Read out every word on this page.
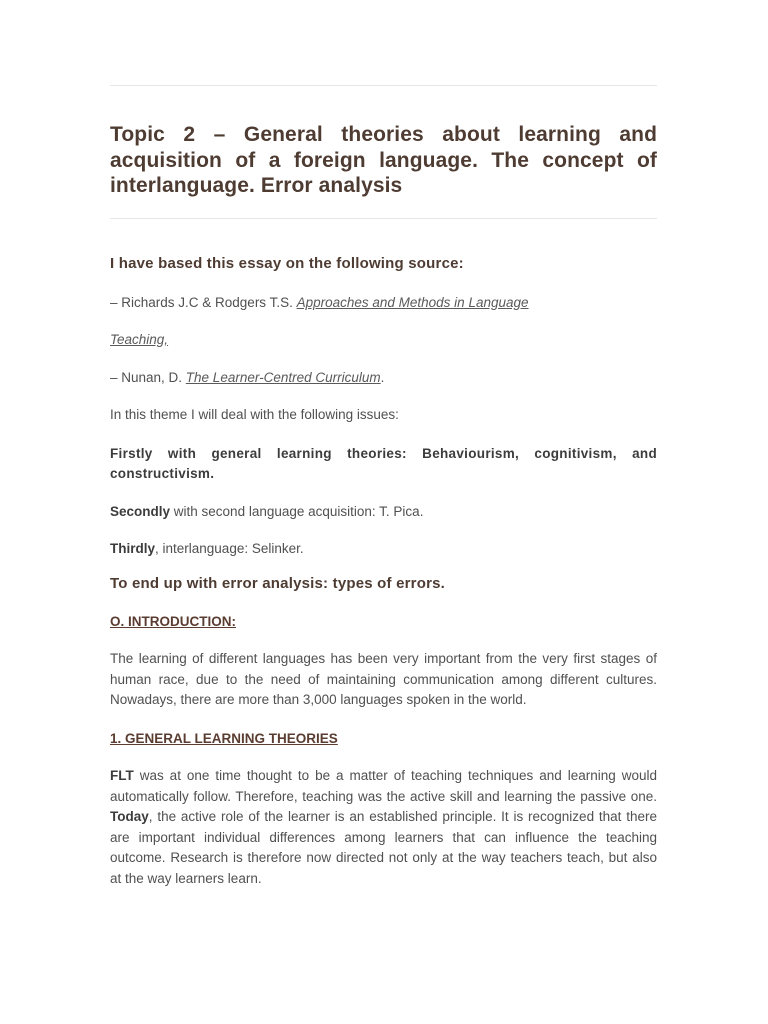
Topic 2 – General theories about learning and acquisition of a foreign language. The concept of interlanguage. Error analysis
I have based this essay on the following source:

– Richards J.C & Rodgers T.S. Approaches and Methods in Language

Teaching,

– Nunan, D. The Learner-Centred Curriculum.

In this theme I will deal with the following issues:

Firstly with general learning theories: Behaviourism, cognitivism, and constructivism.

Secondly with second language acquisition: T. Pica.

Thirdly, interlanguage: Selinker.

To end up with error analysis: types of errors.

O. INTRODUCTION:

The learning of different languages has been very important from the very first stages of human race, due to the need of maintaining communication among different cultures. Nowadays, there are more than 3,000 languages spoken in the world.

1. GENERAL LEARNING THEORIES

FLT was at one time thought to be a matter of teaching techniques and learning would automatically follow. Therefore, teaching was the active skill and learning the passive one. Today, the active role of the learner is an established principle. It is recognized that there are important individual differences among learners that can influence the teaching outcome. Research is therefore now directed not only at the way teachers teach, but also at the way learners learn.
